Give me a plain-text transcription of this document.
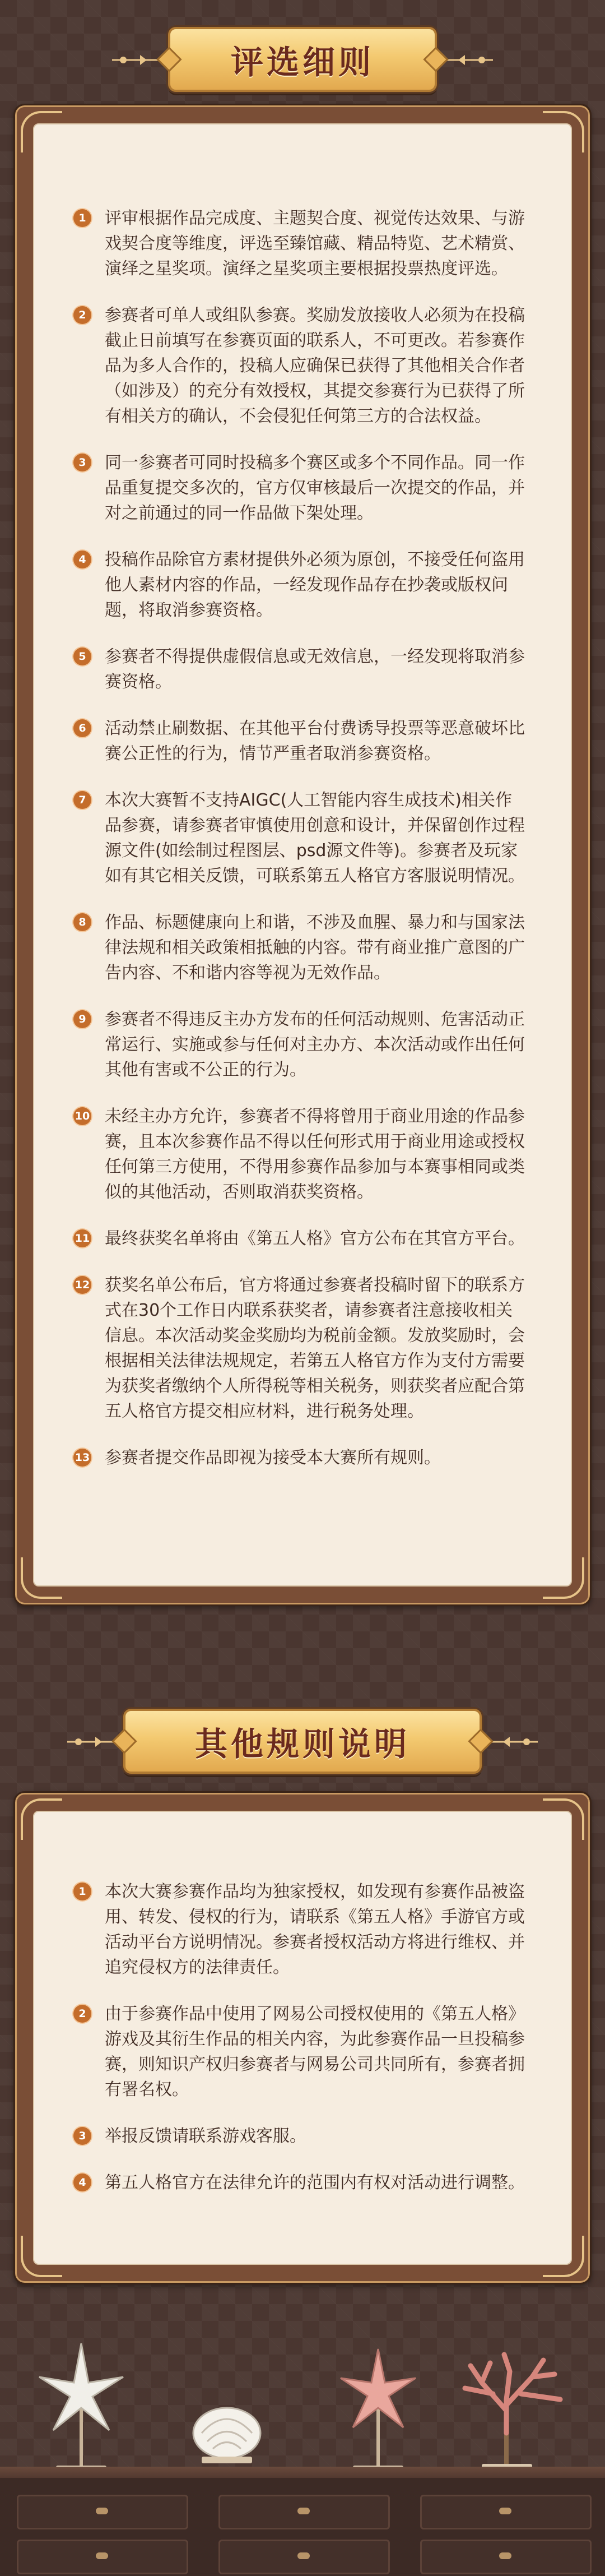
评选细则
1	评审根据作品完成度、主题契合度、视觉传达效果、与游戏契合度等维度，评选至臻馆藏、精品特览、艺术精赏、演绎之星奖项。演绎之星奖项主要根据投票热度评选。
2	参赛者可单人或组队参赛。奖励发放接收人必须为在投稿截止日前填写在参赛页面的联系人，不可更改。若参赛作品为多人合作的，投稿人应确保已获得了其他相关合作者（如涉及）的充分有效授权，其提交参赛行为已获得了所有相关方的确认，不会侵犯任何第三方的合法权益。
3	同一参赛者可同时投稿多个赛区或多个不同作品。同一作品重复提交多次的，官方仅审核最后一次提交的作品，并对之前通过的同一作品做下架处理。
4	投稿作品除官方素材提供外必须为原创，不接受任何盗用他人素材内容的作品，一经发现作品存在抄袭或版权问题，将取消参赛资格。
5	参赛者不得提供虚假信息或无效信息，一经发现将取消参赛资格。
6	活动禁止刷数据、在其他平台付费诱导投票等恶意破坏比赛公正性的行为，情节严重者取消参赛资格。
7	本次大赛暂不支持AIGC(人工智能内容生成技术)相关作品参赛，请参赛者审慎使用创意和设计，并保留创作过程源文件(如绘制过程图层、psd源文件等)。参赛者及玩家如有其它相关反馈，可联系第五人格官方客服说明情况。
8	作品、标题健康向上和谐，不涉及血腥、暴力和与国家法律法规和相关政策相抵触的内容。带有商业推广意图的广告内容、不和谐内容等视为无效作品。
9	参赛者不得违反主办方发布的任何活动规则、危害活动正常运行、实施或参与任何对主办方、本次活动或作出任何其他有害或不公正的行为。
10 未经主办方允许，参赛者不得将曾用于商业用途的作品参赛，且本次参赛作品不得以任何形式用于商业用途或授权任何第三方使用，不得用参赛作品参加与本赛事相同或类似的其他活动，否则取消获奖资格。
11 最终获奖名单将由《第五人格》官方公布在其官方平台。
12 获奖名单公布后，官方将通过参赛者投稿时留下的联系方式在30个工作日内联系获奖者，请参赛者注意接收相关信息。本次活动奖金奖励均为税前金额。发放奖励时，会根据相关法律法规规定，若第五人格官方作为支付方需要为获奖者缴纳个人所得税等相关税务，则获奖者应配合第五人格官方提交相应材料，进行税务处理。
13 参赛者提交作品即视为接受本大赛所有规则。
其他规则说明
1	本次大赛参赛作品均为独家授权，如发现有参赛作品被盗用、转发、侵权的行为，请联系《第五人格》手游官方或活动平台方说明情况。参赛者授权活动方将进行维权、并追究侵权方的法律责任。
2	由于参赛作品中使用了网易公司授权使用的《第五人格》游戏及其衍生作品的相关内容，为此参赛作品一旦投稿参赛，则知识产权归参赛者与网易公司共同所有，参赛者拥有署名权。
3	举报反馈请联系游戏客服。
4	第五人格官方在法律允许的范围内有权对活动进行调整。
